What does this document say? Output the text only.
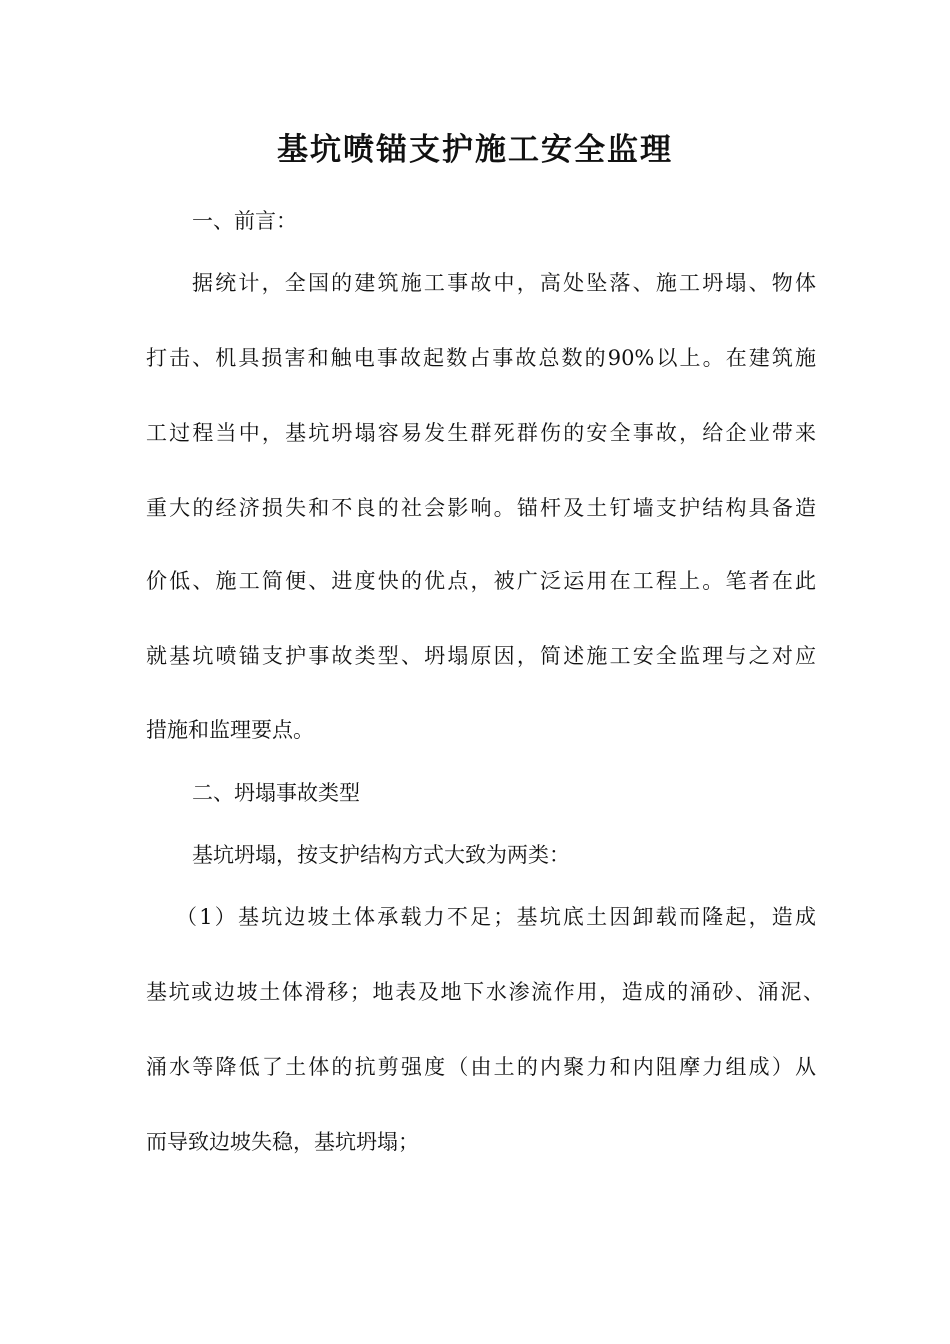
基坑喷锚支护施工安全监理
一、前言：
据统计，全国的建筑施工事故中，高处坠落、施工坍塌、物体
打击、机具损害和触电事故起数占事故总数的90%以上。在建筑施
工过程当中，基坑坍塌容易发生群死群伤的安全事故，给企业带来
重大的经济损失和不良的社会影响。锚杆及土钉墙支护结构具备造
价低、施工简便、进度快的优点，被广泛运用在工程上。笔者在此
就基坑喷锚支护事故类型、坍塌原因，简述施工安全监理与之对应
措施和监理要点。
二、坍塌事故类型
基坑坍塌，按支护结构方式大致为两类：
（1）基坑边坡土体承载力不足；基坑底土因卸载而隆起，造成
基坑或边坡土体滑移；地表及地下水渗流作用，造成的涌砂、涌泥、
涌水等降低了土体的抗剪强度（由土的内聚力和内阻摩力组成）从
而导致边坡失稳，基坑坍塌；
